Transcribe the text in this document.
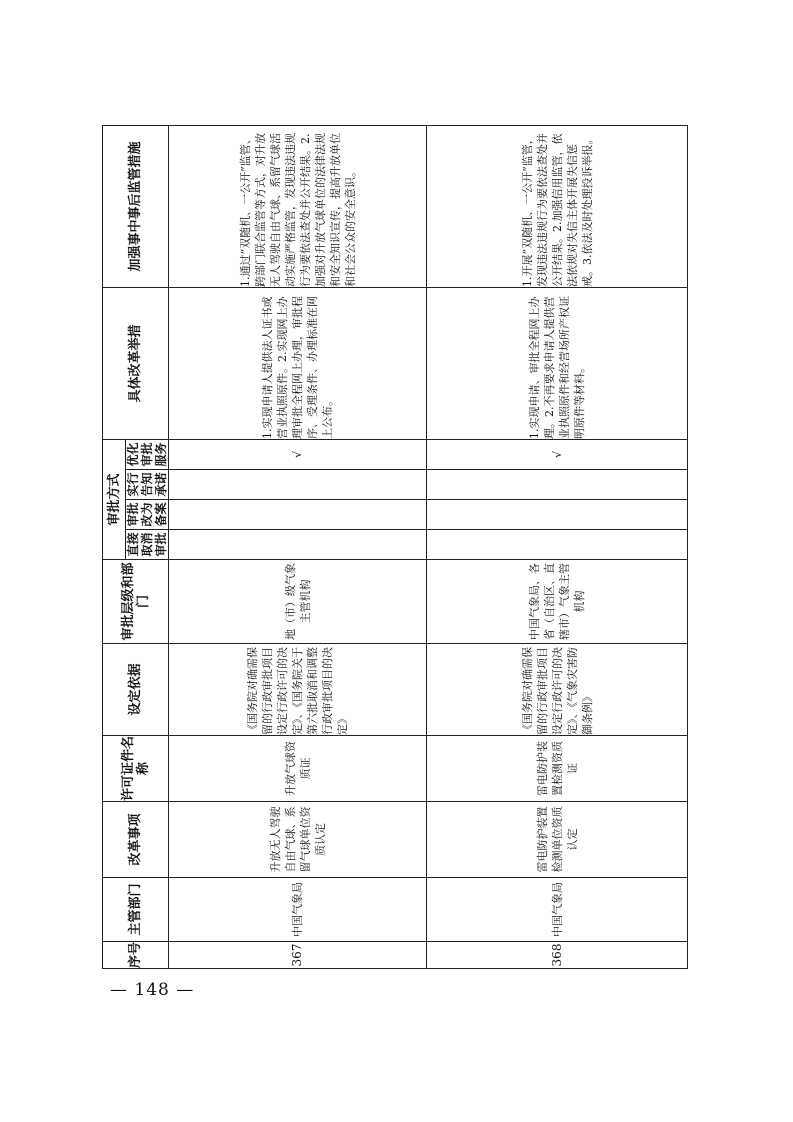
序号	主管部门	改革事项	许可证件名称	设定依据	审批层级和部门	审批方式				具体改革举措	加强事中事后监管措施
						直接取消审批	审批改为备案	实行告知承诺	优化审批服务		
367	中国气象局	升放无人驾驶自由气球、系留气球单位资质认定	升放气球资质证	《国务院对确需保留的行政审批项目设定行政许可的决定》、《国务院关于第六批取消和调整行政审批项目的决定》	地（市）级气象主管机构				√	1.实现申请人提供法人证书或营业执照原件。2.实现网上办理审批全程网上办理，审批程序、受理条件、办理标准在网上公布。	1.通过“双随机、一公开”监管、跨部门联合监管等方式，对升放无人驾驶自由气球、系留气球活动实施严格监管，发现违法违规行为要依法查处并公开结果。2.加强对升放气球单位的法律法规和安全知识宣传，提高升放单位和社会公众的安全意识。
368	中国气象局	雷电防护装置检测单位资质认定	雷电防护装置检测资质证	《国务院对确需保留的行政审批项目设定行政许可的决定》、《气象灾害防御条例》	中国气象局、各省（自治区、直辖市）气象主管机构				√	1.实现申请、审批全程网上办理。2.不再要求申请人提供营业执照原件和经营场所产权证明原件等材料。	1.开展“双随机、一公开”监管，发现违法违规行为要依法查处并公开结果。2.加强信用监管，依法依规对失信主体开展失信惩戒。3.依法及时处理投诉举报。
— 148 —
